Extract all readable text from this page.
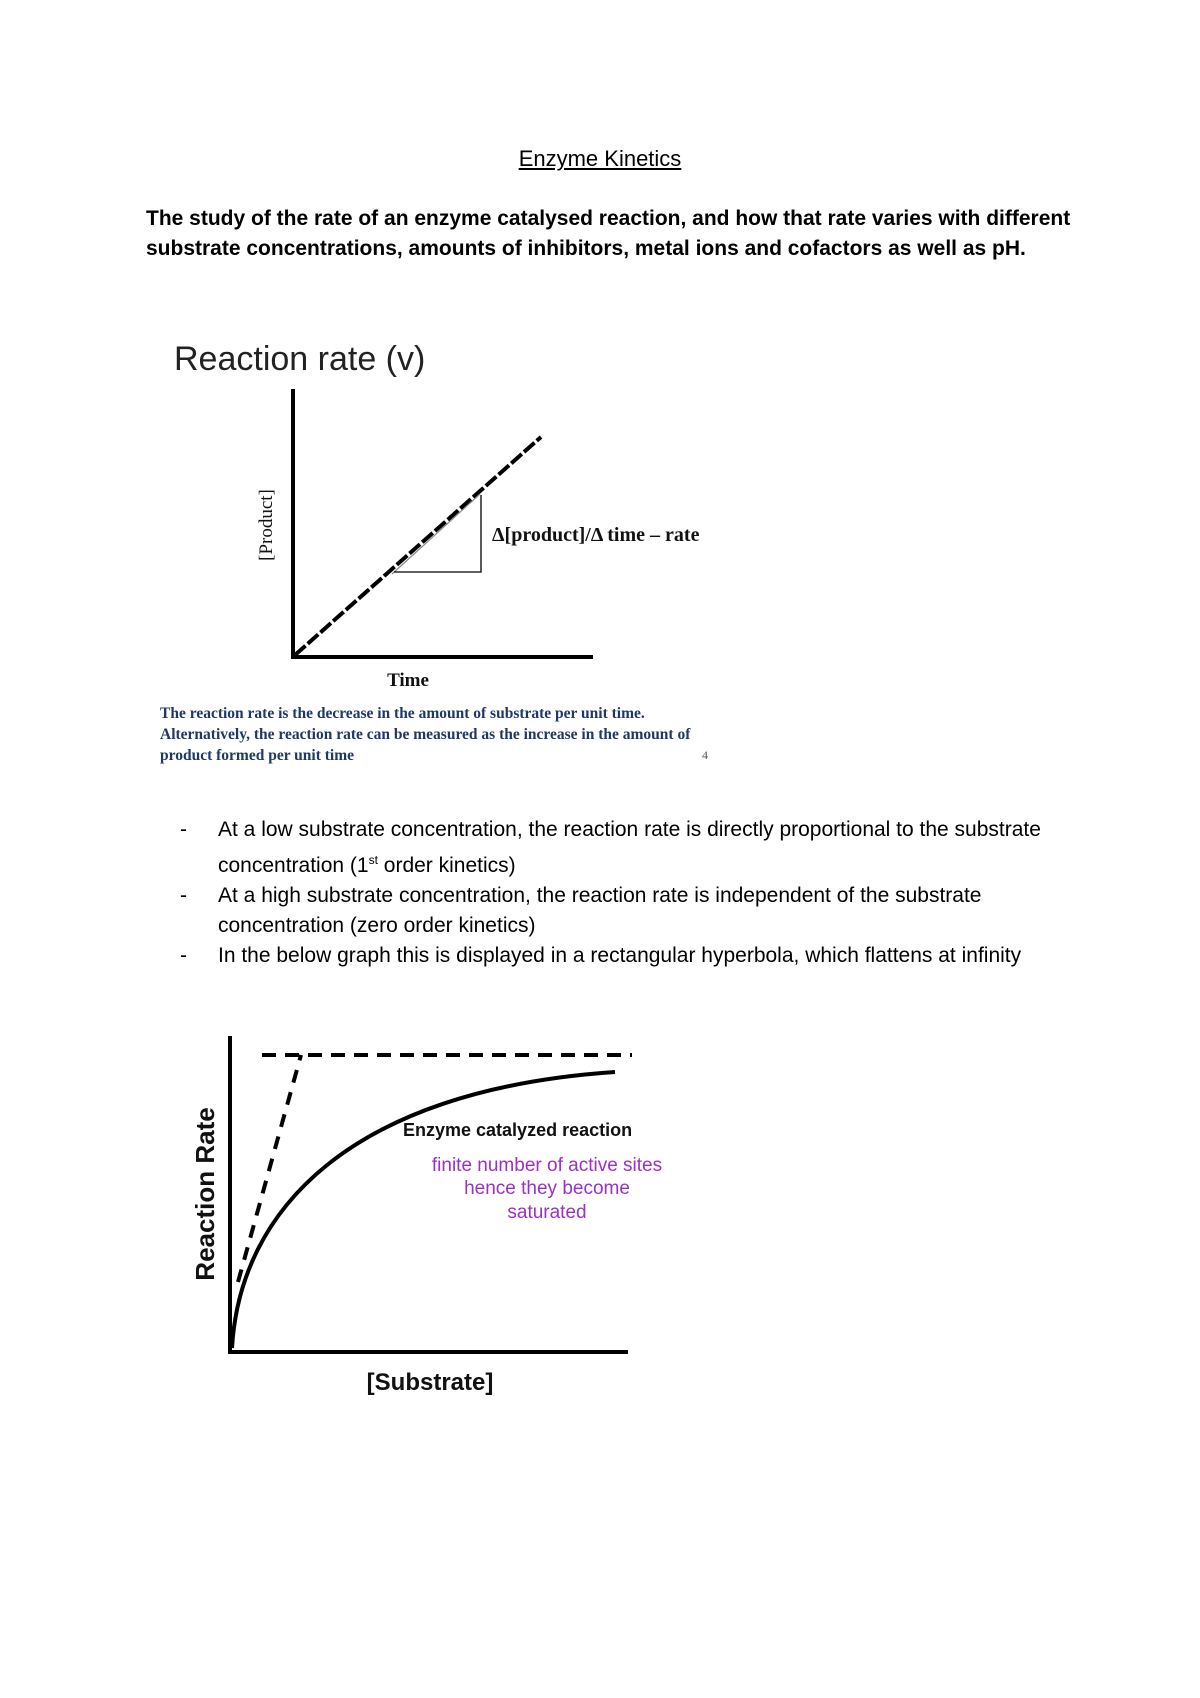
Enzyme Kinetics
The study of the rate of an enzyme catalysed reaction, and how that rate varies with different substrate concentrations, amounts of inhibitors, metal ions and cofactors as well as pH.
Reaction rate (v)
[Product]
Time
Δ[product]/Δ time – rate
The reaction rate is the decrease in the amount of substrate per unit time. Alternatively, the reaction rate can be measured as the increase in the amount of product formed per unit time	4
- At a low substrate concentration, the reaction rate is directly proportional to the substrate concentration (1st order kinetics)
- At a high substrate concentration, the reaction rate is independent of the substrate concentration (zero order kinetics)
- In the below graph this is displayed in a rectangular hyperbola, which flattens at infinity
Reaction Rate
[Substrate]
Enzyme catalyzed reaction
finite number of active sites
hence they become
saturated
